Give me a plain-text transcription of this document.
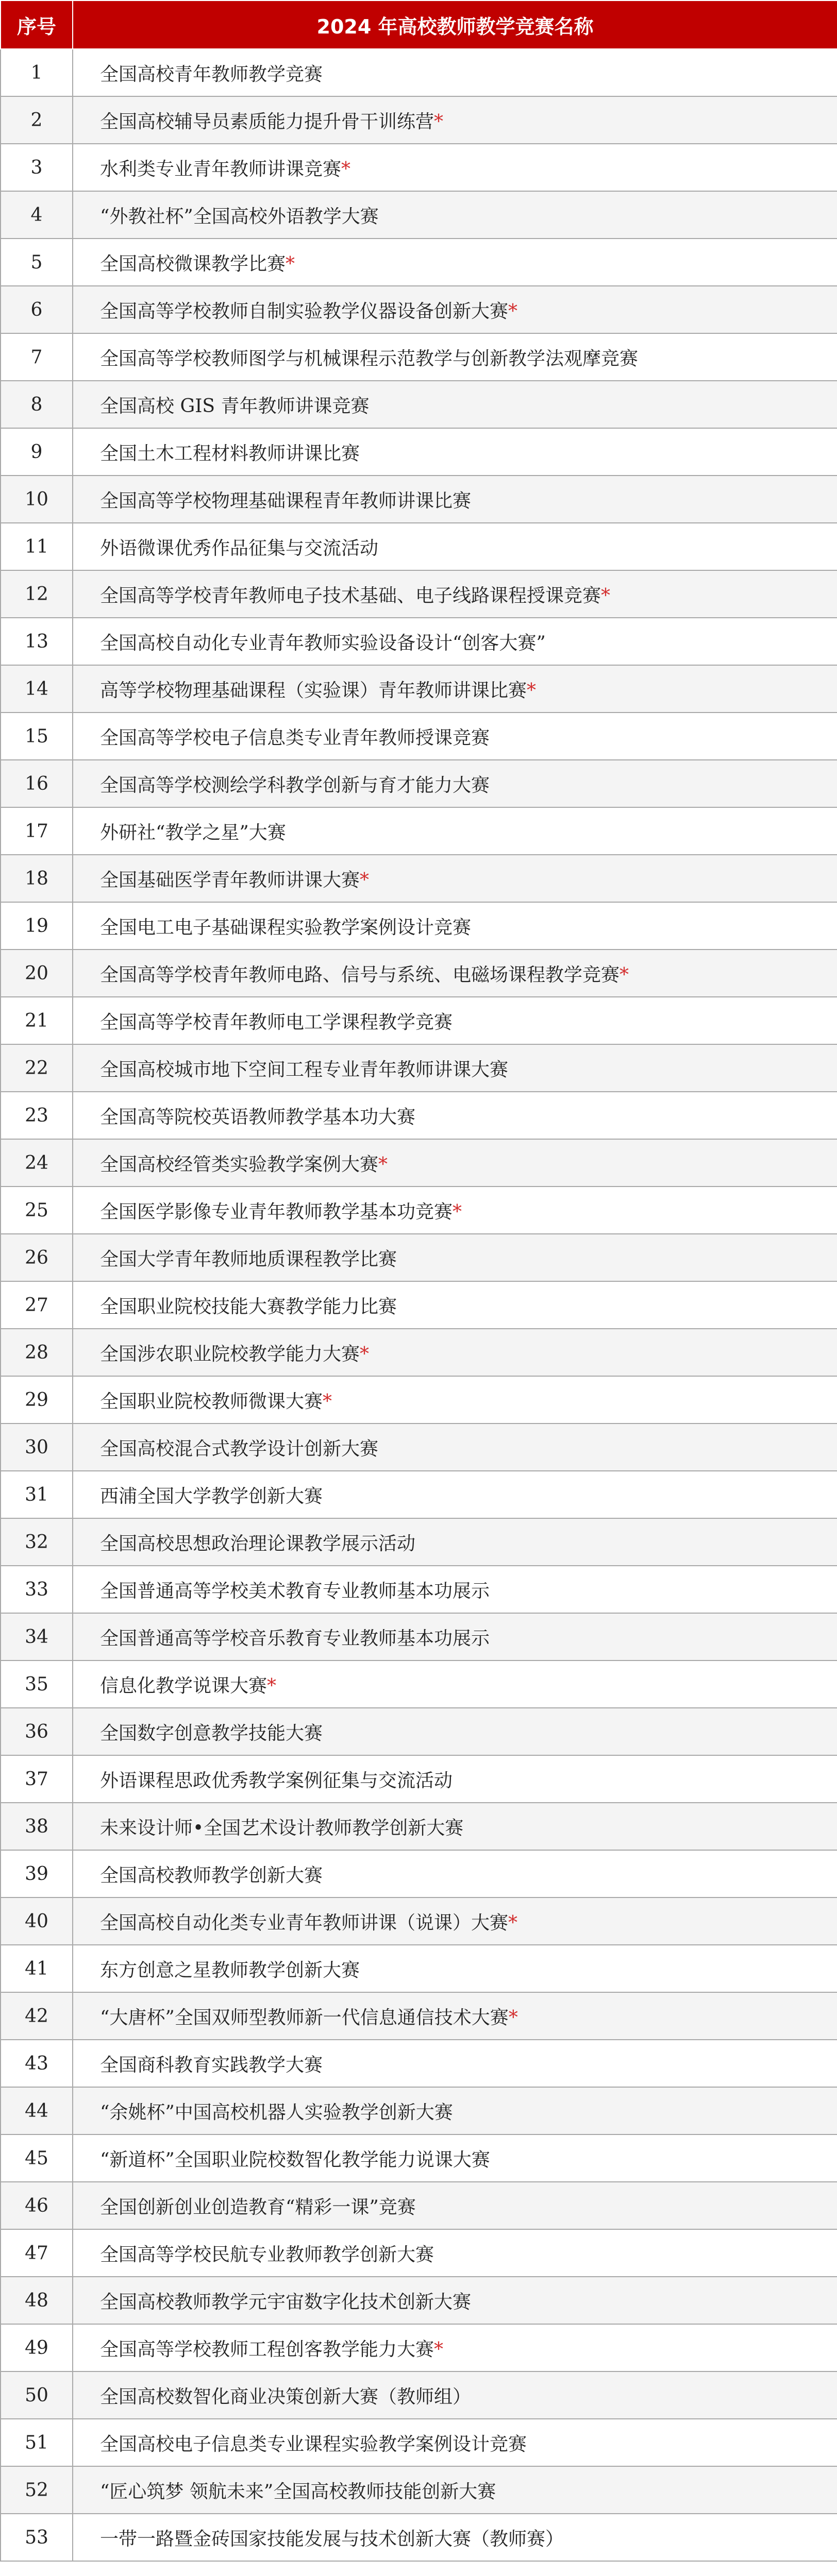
序号	2024 年高校教师教学竞赛名称
1	全国高校青年教师教学竞赛
2	全国高校辅导员素质能力提升骨干训练营*
3	水利类专业青年教师讲课竞赛*
4	“外教社杯”全国高校外语教学大赛
5	全国高校微课教学比赛*
6	全国高等学校教师自制实验教学仪器设备创新大赛*
7	全国高等学校教师图学与机械课程示范教学与创新教学法观摩竞赛
8	全国高校 GIS 青年教师讲课竞赛
9	全国土木工程材料教师讲课比赛
10	全国高等学校物理基础课程青年教师讲课比赛
11	外语微课优秀作品征集与交流活动
12	全国高等学校青年教师电子技术基础、电子线路课程授课竞赛*
13	全国高校自动化专业青年教师实验设备设计“创客大赛”
14	高等学校物理基础课程（实验课）青年教师讲课比赛*
15	全国高等学校电子信息类专业青年教师授课竞赛
16	全国高等学校测绘学科教学创新与育才能力大赛
17	外研社“教学之星”大赛
18	全国基础医学青年教师讲课大赛*
19	全国电工电子基础课程实验教学案例设计竞赛
20	全国高等学校青年教师电路、信号与系统、电磁场课程教学竞赛*
21	全国高等学校青年教师电工学课程教学竞赛
22	全国高校城市地下空间工程专业青年教师讲课大赛
23	全国高等院校英语教师教学基本功大赛
24	全国高校经管类实验教学案例大赛*
25	全国医学影像专业青年教师教学基本功竞赛*
26	全国大学青年教师地质课程教学比赛
27	全国职业院校技能大赛教学能力比赛
28	全国涉农职业院校教学能力大赛*
29	全国职业院校教师微课大赛*
30	全国高校混合式教学设计创新大赛
31	西浦全国大学教学创新大赛
32	全国高校思想政治理论课教学展示活动
33	全国普通高等学校美术教育专业教师基本功展示
34	全国普通高等学校音乐教育专业教师基本功展示
35	信息化教学说课大赛*
36	全国数字创意教学技能大赛
37	外语课程思政优秀教学案例征集与交流活动
38	未来设计师•全国艺术设计教师教学创新大赛
39	全国高校教师教学创新大赛
40	全国高校自动化类专业青年教师讲课（说课）大赛*
41	东方创意之星教师教学创新大赛
42	“大唐杯”全国双师型教师新一代信息通信技术大赛*
43	全国商科教育实践教学大赛
44	“余姚杯”中国高校机器人实验教学创新大赛
45	“新道杯”全国职业院校数智化教学能力说课大赛
46	全国创新创业创造教育“精彩一课”竞赛
47	全国高等学校民航专业教师教学创新大赛
48	全国高校教师教学元宇宙数字化技术创新大赛
49	全国高等学校教师工程创客教学能力大赛*
50	全国高校数智化商业决策创新大赛（教师组）
51	全国高校电子信息类专业课程实验教学案例设计竞赛
52	“匠心筑梦 领航未来”全国高校教师技能创新大赛
53	一带一路暨金砖国家技能发展与技术创新大赛（教师赛）
